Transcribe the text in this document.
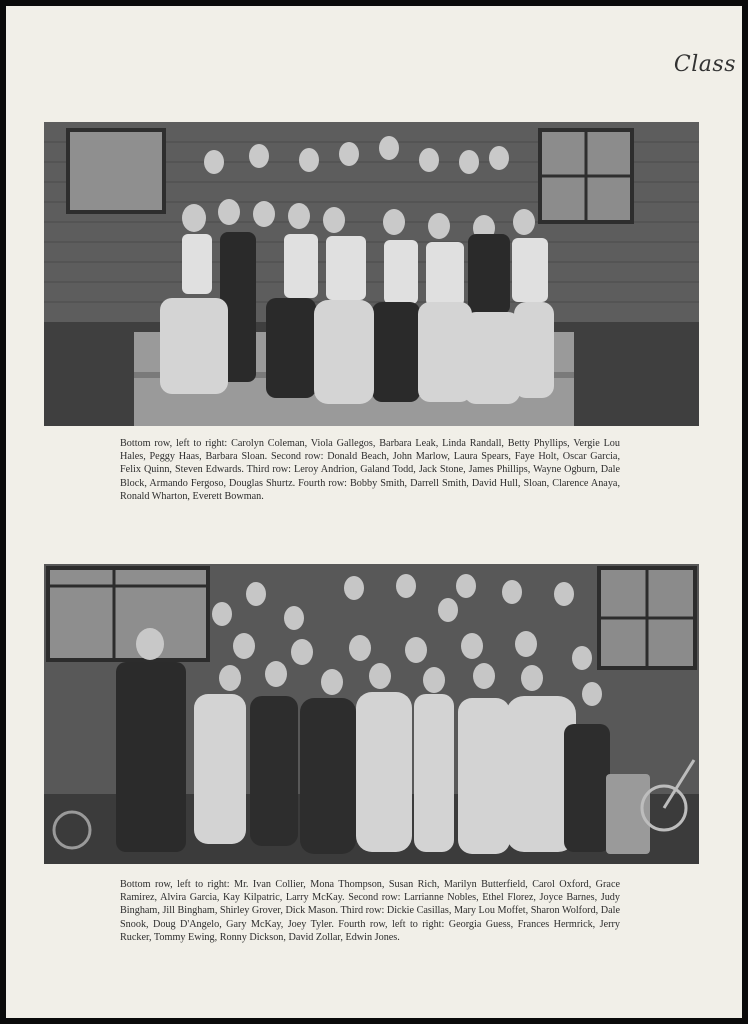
Class
Bottom row, left to right: Carolyn Coleman, Viola Gallegos, Barbara Leak, Linda Randall, Betty Phyllips, Vergie Lou Hales, Peggy Haas, Barbara Sloan. Second row: Donald Beach, John Marlow, Laura Spears, Faye Holt, Oscar Garcia, Felix Quinn, Steven Edwards. Third row: Leroy Andrion, Galand Todd, Jack Stone, James Phillips, Wayne Ogburn, Dale Block, Armando Fergoso, Douglas Shurtz. Fourth row: Bobby Smith, Darrell Smith, David Hull, Sloan, Clarence Anaya, Ronald Wharton, Everett Bowman.
Bottom row, left to right: Mr. Ivan Collier, Mona Thompson, Susan Rich, Marilyn Butterfield, Carol Oxford, Grace Ramirez, Alvira Garcia, Kay Kilpatric, Larry McKay. Second row: Larrianne Nobles, Ethel Florez, Joyce Barnes, Judy Bingham, Jill Bingham, Shirley Grover, Dick Mason. Third row: Dickie Casillas, Mary Lou Moffet, Sharon Wolford, Dale Snook, Doug D'Angelo, Gary McKay, Joey Tyler. Fourth row, left to right: Georgia Guess, Frances Hermrick, Jerry Rucker, Tommy Ewing, Ronny Dickson, David Zollar, Edwin Jones.
